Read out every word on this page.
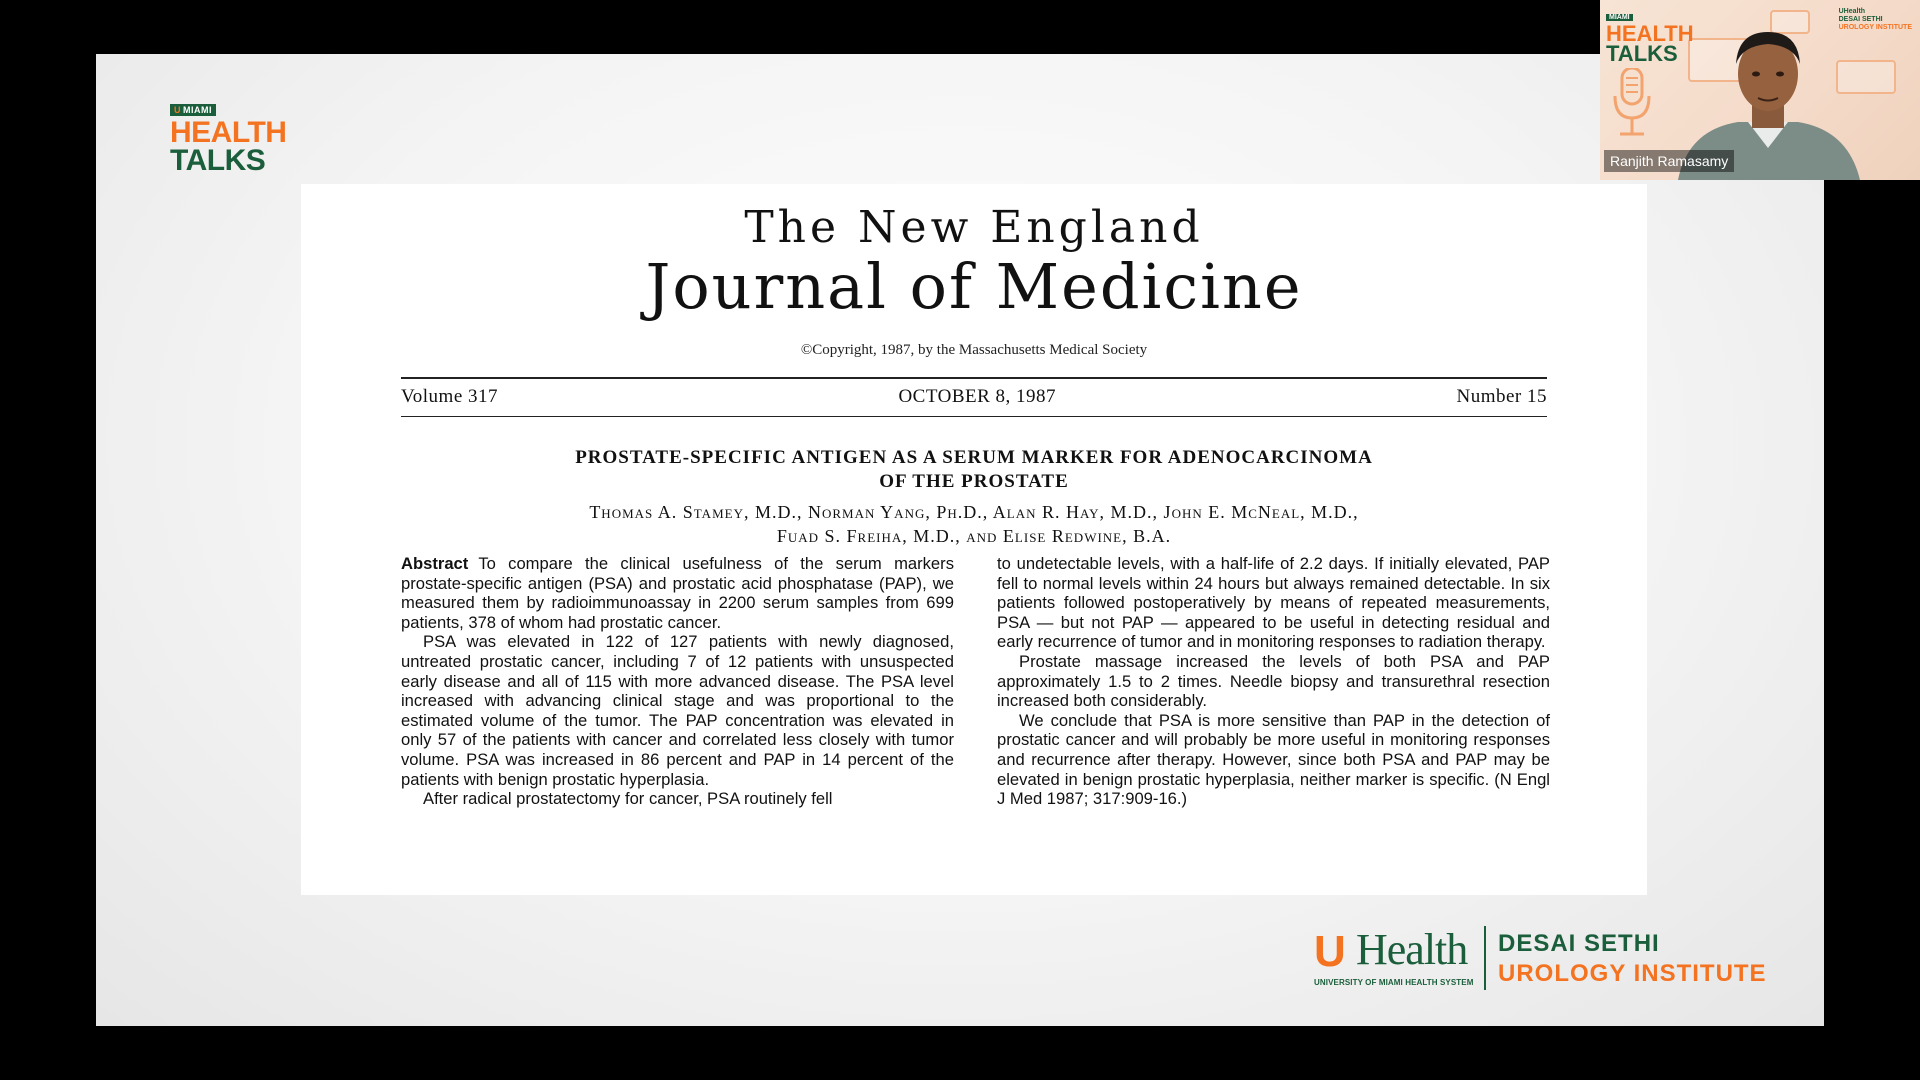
U MIAMI
HEALTH
TALKS
The New England
Journal of Medicine
©Copyright, 1987, by the Massachusetts Medical Society
Volume 317	OCTOBER 8, 1987	Number 15
PROSTATE-SPECIFIC ANTIGEN AS A SERUM MARKER FOR ADENOCARCINOMA
OF THE PROSTATE
Thomas A. Stamey, M.D., Norman Yang, Ph.D., Alan R. Hay, M.D., John E. McNeal, M.D.,
Fuad S. Freiha, M.D., and Elise Redwine, B.A.

Abstract To compare the clinical usefulness of the serum markers prostate-specific antigen (PSA) and prostatic acid phosphatase (PAP), we measured them by radioimmunoassay in 2200 serum samples from 699 patients, 378 of whom had prostatic cancer.

PSA was elevated in 122 of 127 patients with newly diagnosed, untreated prostatic cancer, including 7 of 12 patients with unsuspected early disease and all of 115 with more advanced disease. The PSA level increased with advancing clinical stage and was proportional to the estimated volume of the tumor. The PAP concentration was elevated in only 57 of the patients with cancer and correlated less closely with tumor volume. PSA was increased in 86 percent and PAP in 14 percent of the patients with benign prostatic hyperplasia.

After radical prostatectomy for cancer, PSA routinely fell

to undetectable levels, with a half-life of 2.2 days. If initially elevated, PAP fell to normal levels within 24 hours but always remained detectable. In six patients followed postoperatively by means of repeated measurements, PSA — but not PAP — appeared to be useful in detecting residual and early recurrence of tumor and in monitoring responses to radiation therapy.

Prostate massage increased the levels of both PSA and PAP approximately 1.5 to 2 times. Needle biopsy and transurethral resection increased both considerably.

We conclude that PSA is more sensitive than PAP in the detection of prostatic cancer and will probably be more useful in monitoring responses and recurrence after therapy. However, since both PSA and PAP may be elevated in benign prostatic hyperplasia, neither marker is specific. (N Engl J Med 1987; 317:909-16.)

U Health
UNIVERSITY OF MIAMI HEALTH SYSTEM
DESAI SETHI
UROLOGY INSTITUTE
MIAMI
HEALTH
TALKS
UHealth
DESAI SETHI
UROLOGY INSTITUTE
Ranjith Ramasamy
